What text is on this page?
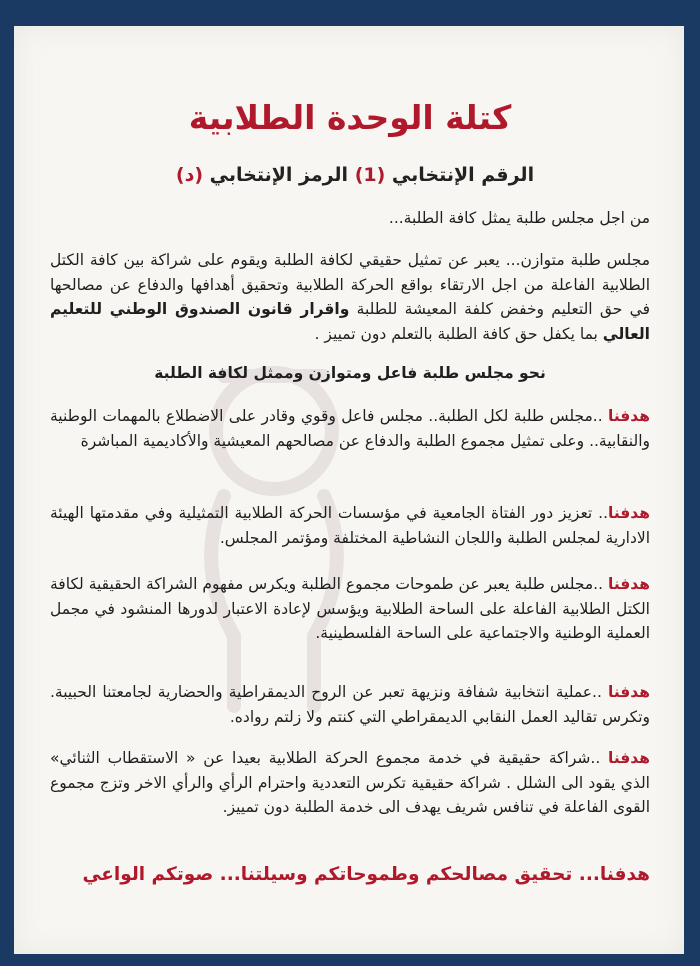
كتلة الوحدة الطلابية
الرقم الإنتخابي (1) الرمز الإنتخابي (د)

من اجل مجلس طلبة يمثل كافة الطلبة...

مجلس طلبة متوازن... يعبر عن تمثيل حقيقي لكافة الطلبة ويقوم على شراكة بين كافة الكتل الطلابية الفاعلة من اجل الارتقاء بواقع الحركة الطلابية وتحقيق أهدافها والدفاع عن مصالحها في حق التعليم وخفض كلفة المعيشة للطلبة واقرار قانون الصندوق الوطني للتعليم العالي بما يكفل حق كافة الطلبة بالتعلم دون تمييز .

نحو مجلس طلبة فاعل ومتوازن وممثل لكافة الطلبة

هدفنا ..مجلس طلبة لكل الطلبة.. مجلس فاعل وقوي وقادر على الاضطلاع بالمهمات الوطنية والنقابية.. وعلى تمثيل مجموع الطلبة والدفاع عن مصالحهم المعيشية والأكاديمية المباشرة

هدفنا.. تعزيز دور الفتاة الجامعية في مؤسسات الحركة الطلابية التمثيلية وفي مقدمتها الهيئة الادارية لمجلس الطلبة واللجان النشاطية المختلفة ومؤتمر المجلس.

هدفنا ..مجلس طلبة يعبر عن طموحات مجموع الطلبة ويكرس مفهوم الشراكة الحقيقية لكافة الكتل الطلابية الفاعلة على الساحة الطلابية ويؤسس لإعادة الاعتبار لدورها المنشود في مجمل العملية الوطنية والاجتماعية على الساحة الفلسطينية.

هدفنا ..عملية انتخابية شفافة ونزيهة تعبر عن الروح الديمقراطية والحضارية لجامعتنا الحبيبة. وتكرس تقاليد العمل النقابي الديمقراطي التي كنتم ولا زلتم رواده.

هدفنا ..شراكة حقيقية في خدمة مجموع الحركة الطلابية بعيدا عن « الاستقطاب الثنائي» الذي يقود الى الشلل . شراكة حقيقية تكرس التعددية واحترام الرأي والرأي الاخر وتزج مجموع القوى الفاعلة في تنافس شريف يهدف الى خدمة الطلبة دون تمييز.

هدفنا... تحقيق مصالحكم وطموحاتكم وسيلتنا... صوتكم الواعي
